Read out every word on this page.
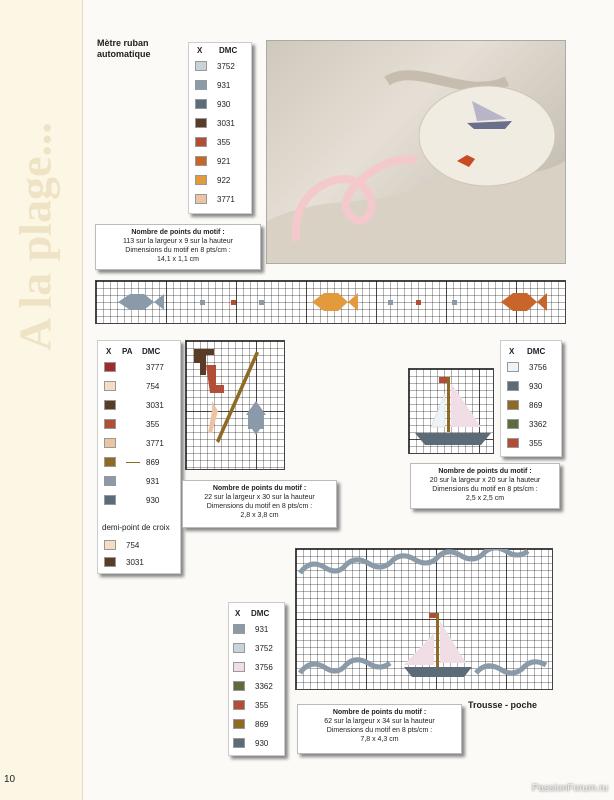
A la plage...
10
Mètre ruban
automatique	X DMC
3752
931
930
3031
355
921
922
3771
Nombre de points du motif :
113 sur la largeur x 9 sur la hauteur
Dimensions du motif en 8 pts/cm :
14,1 x 1,1 cm
X PA DMC
3777
754
3031
355
3771
869
931
930
demi-point de croix
754
3031
Nombre de points du motif :
22 sur la largeur x 30 sur la hauteur
Dimensions du motif en 8 pts/cm :
2,8 x 3,8 cm
X DMC
3756
930
869
3362
355
Nombre de points du motif :
20 sur la largeur x 20 sur la hauteur
Dimensions du motif en 8 pts/cm :
2,5 x 2,5 cm
Trousse - poche
X DMC
931
3752
3756
3362
355
869
930
Nombre de points du motif :
62 sur la largeur x 34 sur la hauteur
Dimensions du motif en 8 pts/cm :
7,8 x 4,3 cm
PassionForum.ru
